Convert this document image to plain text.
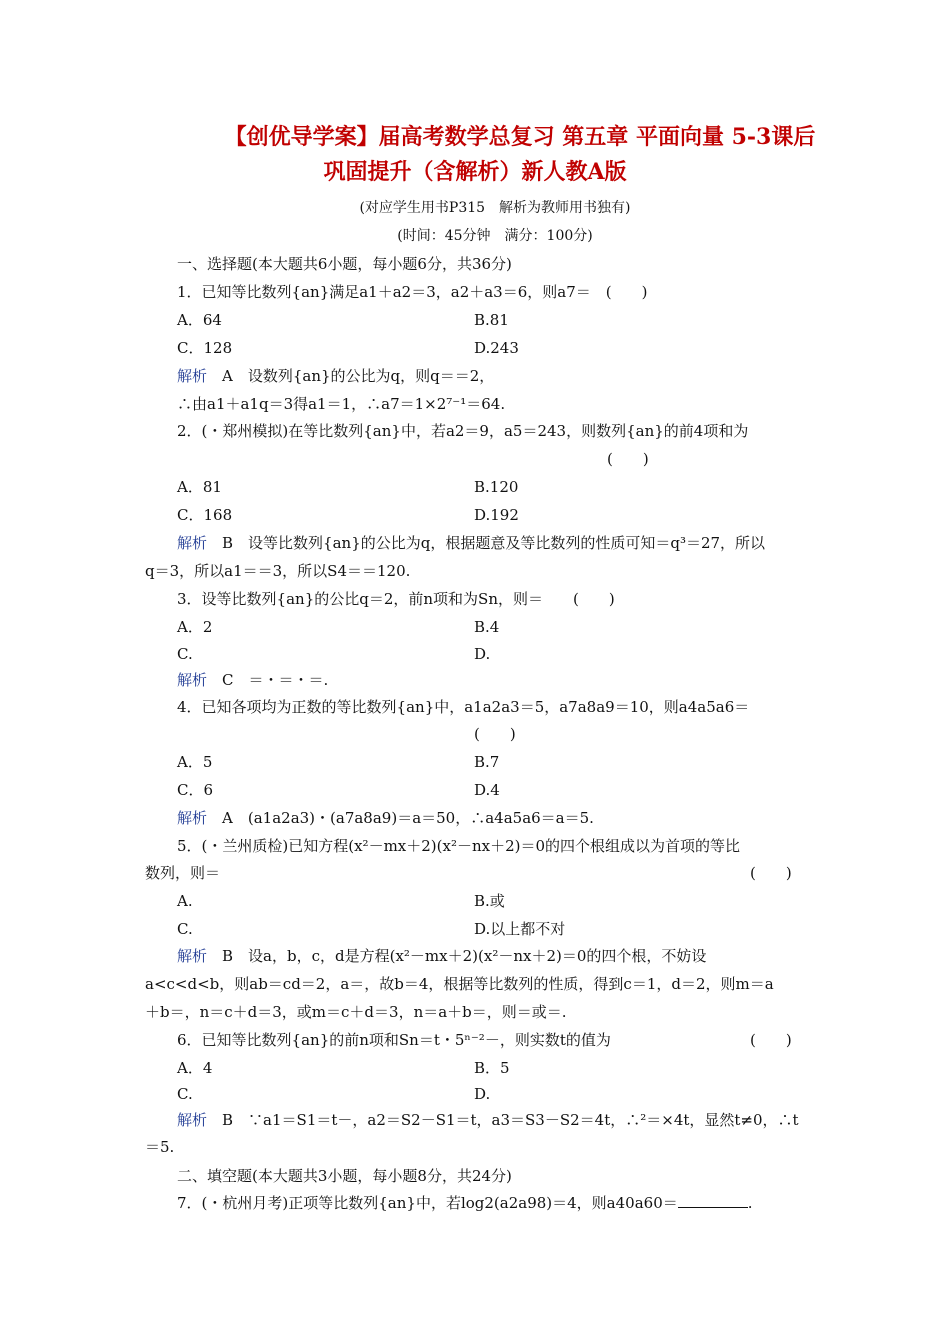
【创优导学案】届高考数学总复习 第五章 平面向量 5-3课后
巩固提升（含解析）新人教A版
(对应学生用书P315　解析为教师用书独有)
(时间：45分钟　满分：100分)
一、选择题(本大题共6小题，每小题6分，共36分)
1．已知等比数列{an}满足a1＋a2＝3，a2＋a3＝6，则a7＝　(　　)
A．64	B.81
C．128	D.243
解析　 A　设数列{an}的公比为q，则q＝＝2，
∴由a1＋a1q＝3得a1＝1，∴a7＝1×2⁷⁻¹＝64.
2．(・郑州模拟)在等比数列{an}中，若a2＝9，a5＝243，则数列{an}的前4项和为
(　　)
A．81	B.120
C．168	D.192
解析　 B　设等比数列{an}的公比为q，根据题意及等比数列的性质可知＝q³＝27，所以
q＝3，所以a1＝＝3，所以S4＝＝120.
3．设等比数列{an}的公比q＝2，前n项和为Sn，则＝　　(　　)
A．2	B.4
C.	D.
解析　 C　＝・＝・＝.
4．已知各项均为正数的等比数列{an}中，a1a2a3＝5，a7a8a9＝10，则a4a5a6＝
(　　)
A．5	B.7
C．6	D.4
解析　 A　(a1a2a3)・(a7a8a9)＝a＝50，∴a4a5a6＝a＝5.
5．(・兰州质检)已知方程(x²－mx＋2)(x²－nx＋2)＝0的四个根组成以为首项的等比
数列，则＝	(　　)
A.	B.或
C.	D.以上都不对
解析　 B　设a，b，c，d是方程(x²－mx＋2)(x²－nx＋2)＝0的四个根，不妨设
a<c<d<b，则ab＝cd＝2，a＝，故b＝4，根据等比数列的性质，得到c＝1，d＝2，则m＝a
＋b＝，n＝c＋d＝3，或m＝c＋d＝3，n＝a＋b＝，则＝或＝.
6．已知等比数列{an}的前n项和Sn＝t・5ⁿ⁻²－，则实数t的值为	(　　)
A．4	B．5
C.	D.
解析　 B　∵a1＝S1＝t－，a2＝S2－S1＝t，a3＝S3－S2＝4t，∴²＝×4t，显然t≠0，∴t
＝5.
二、填空题(本大题共3小题，每小题8分，共24分)
7．(・杭州月考)正项等比数列{an}中，若log2(a2a98)＝4，则a40a60＝	.
